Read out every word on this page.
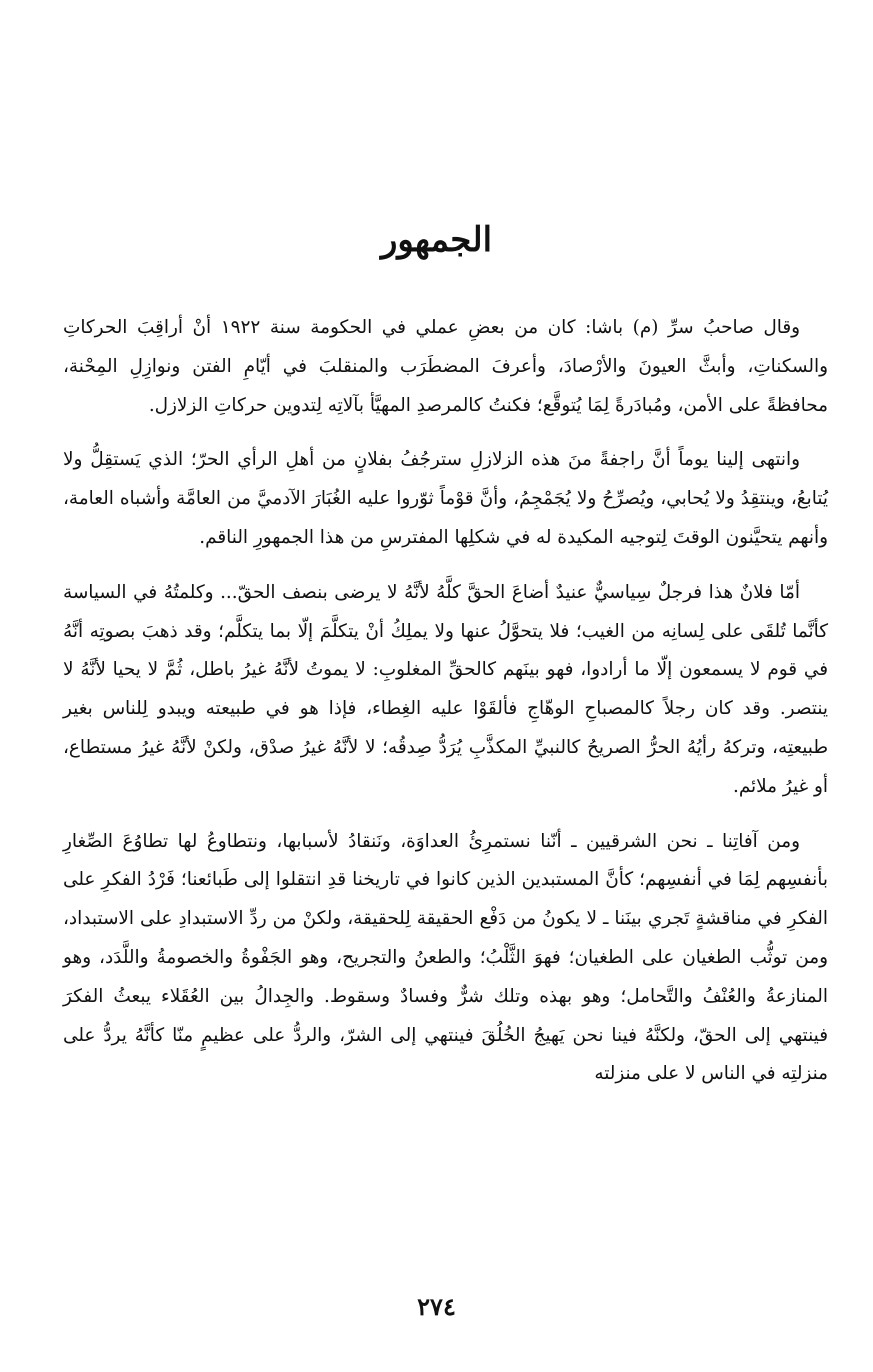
الجمهور

وقال صاحبُ سرِّ (م) باشا: كان من بعضِ عملي في الحكومة سنة ١٩٢٢ أنْ أراقِبَ الحركاتِ والسكناتِ، وأبثَّ العيونَ والأرْصادَ، وأعرفَ المضطَرَب والمنقلبَ في أيّامِ الفتن ونوازِلِ المِحْنة، محافظةً على الأمن، ومُبادَرةً لِمَا يُتوقَّع؛ فكنتُ كالمرصدِ المهيَّأ بآلاتِه لِتدوين حركاتِ الزلازل.

وانتهى إلينا يوماً أنَّ راجفةً منَ هذه الزلازلِ سترجُفُ بفلانٍ من أهلِ الرأي الحرّ؛ الذي يَستقِلُّ ولا يُتابعُ، وينتقِدُ ولا يُحابي، ويُصرِّحُ ولا يُجَمْجِمُ، وأنَّ قوْماً ثوّروا عليه الغُبَارَ الآدميَّ من العامَّة وأشباه العامة، وأنهم يتحيَّنون الوقتَ لِتوجيه المكيدة له في شكلِها المفترسِ من هذا الجمهورِ الناقم.

أمّا فلانٌ هذا فرجلٌ سِياسيٌّ عنيدٌ أضاعَ الحقَّ كلَّهُ لأنَّهُ لا يرضى بنصف الحقّ... وكلمتُهُ في السياسة كأنَّما تُلقَى على لِسانِه من الغيب؛ فلا يتحوَّلُ عنها ولا يملِكُ أنْ يتكلَّمَ إلّا بما يتكلَّم؛ وقد ذهبَ بصوتِه أنَّهُ في قوم لا يسمعون إلّا ما أرادوا، فهو بينَهم كالحقِّ المغلوبِ: لا يموتُ لأنَّهُ غيرُ باطل، ثُمَّ لا يحيا لأنَّهُ لا ينتصر. وقد كان رجلاً كالمصباحِ الوهّاجِ فألقَوْا عليه الغِطاء، فإذا هو في طبيعته ويبدو لِلناس بغير طبيعتِه، وتركهُ رأيُهُ الحرُّ الصريحُ كالنبيِّ المكذَّبِ يُرَدُّ صِدقُه؛ لا لأنَّهُ غيرُ صدْق، ولكنْ لأنَّهُ غيرُ مستطاع، أو غيرُ ملائم.

ومن آفاتِنا ـ نحن الشرقيين ـ أنّنا نستمرِئُ العداوَة، ونَنقادُ لأسبابها، ونتطاوعُ لها تطاوُعَ الصِّغارِ بأنفسِهم لِمَا في أنفسِهم؛ كأنَّ المستبدين الذين كانوا في تاريخنا قدِ انتقلوا إلى طَبائعنا؛ فَرْدُ الفكرِ على الفكرِ في مناقشةٍ تَجري بينَنا ـ لا يكونُ من دَفْع الحقيقة لِلحقيقة، ولكنْ من ردِّ الاستبدادِ على الاستبداد، ومن توثُّب الطغيان على الطغيان؛ فهوَ الثَّلْبُ؛ والطعنُ والتجريح، وهو الجَفْوةُ والخصومةُ واللَّدَد، وهو المنازعةُ والعُنْفُ والتَّحامل؛ وهو بهذه وتلك شرٌّ وفسادٌ وسقوط. والجِدالُ بين العُقَلاء يبعثُ الفكرَ فينتهي إلى الحقّ، ولكنَّهُ فينا نحن يَهيجُ الخُلُقَ فينتهي إلى الشرّ، والردُّ على عظيمٍ منّا كأنَّهُ يردُّ على منزلتِه في الناس لا على منزلته

٢٧٤
